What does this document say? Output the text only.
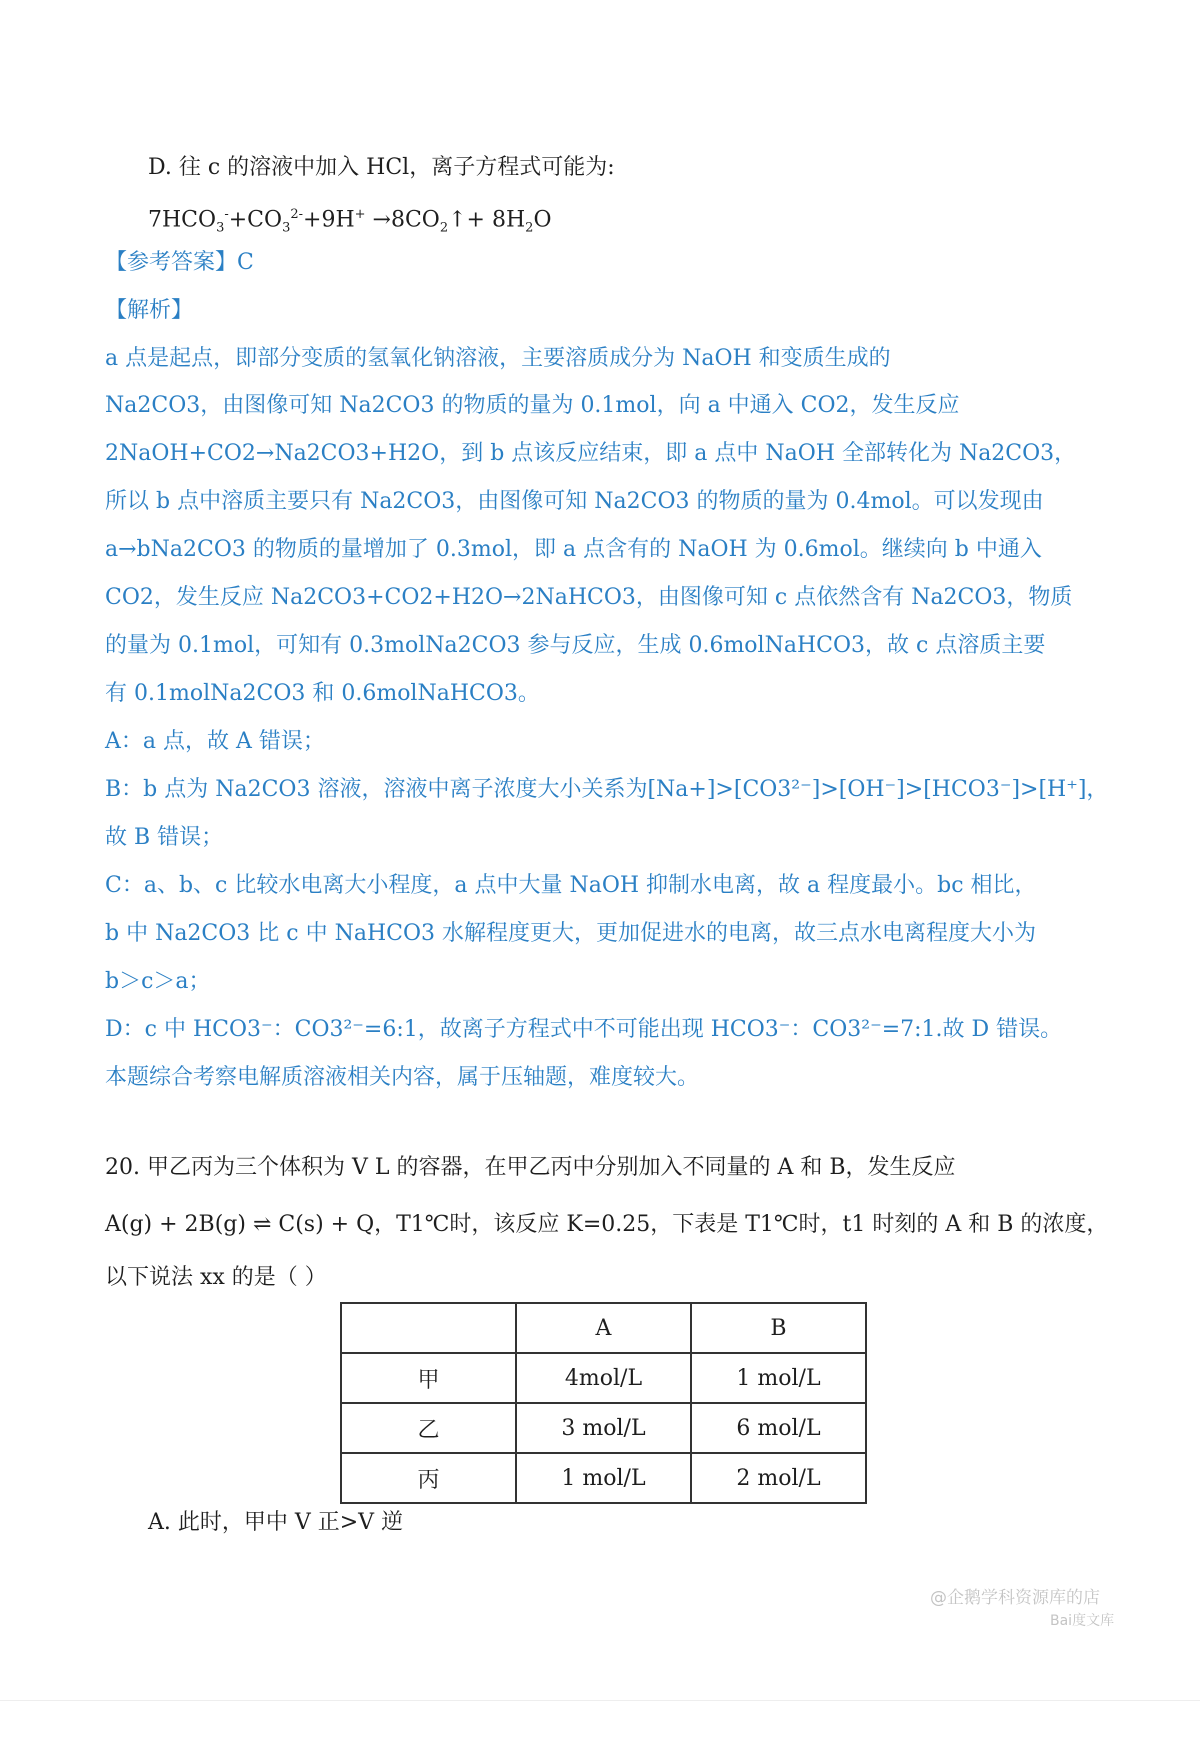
D. 往 c 的溶液中加入 HCl，离子方程式可能为:
$7HCO_3^-+CO_3^{2-}+9H^+$ $\to 8CO_2↑+ 8H_2O$
【参考答案】C
【解析】
a 点是起点，即部分变质的氢氧化钠溶液，主要溶质成分为 NaOH 和变质生成的
Na2CO3，由图像可知 Na2CO3 的物质的量为 0.1mol，向 a 中通入 CO2，发生反应
2NaOH+CO2→Na2CO3+H2O，到 b 点该反应结束，即 a 点中 NaOH 全部转化为 Na2CO3，
所以 b 点中溶质主要只有 Na2CO3，由图像可知 Na2CO3 的物质的量为 0.4mol。可以发现由
a→bNa2CO3 的物质的量增加了 0.3mol，即 a 点含有的 NaOH 为 0.6mol。继续向 b 中通入
CO2，发生反应 Na2CO3+CO2+H2O→2NaHCO3，由图像可知 c 点依然含有 Na2CO3，物质
的量为 0.1mol，可知有 0.3molNa2CO3 参与反应，生成 0.6molNaHCO3，故 c 点溶质主要
有 0.1molNa2CO3 和 0.6molNaHCO3。
A：a 点，故 A 错误；
B：b 点为 Na2CO3 溶液，溶液中离子浓度大小关系为[Na+]>[CO3²⁻]>[OH⁻]>[HCO3⁻]>[H⁺]，
故 B 错误；
C：a、b、c 比较水电离大小程度，a 点中大量 NaOH 抑制水电离，故 a 程度最小。bc 相比，
b 中 Na2CO3 比 c 中 NaHCO3 水解程度更大，更加促进水的电离，故三点水电离程度大小为
b＞c＞a；
D：c 中 HCO3⁻：CO3²⁻=6:1，故离子方程式中不可能出现 HCO3⁻：CO3²⁻=7:1.故 D 错误。
本题综合考察电解质溶液相关内容，属于压轴题，难度较大。
20. 甲乙丙为三个体积为 V L 的容器，在甲乙丙中分别加入不同量的 A 和 B，发生反应
A(g) + 2B(g) ⇌ C(s) + Q，T1℃时，该反应 K=0.25，下表是 T1℃时，t1 时刻的 A 和 B 的浓度，
以下说法 xx 的是（ ）
	A	B
甲	4mol/L	1 mol/L
乙	3 mol/L	6 mol/L
丙	1 mol/L	2 mol/L
A. 此时，甲中 V 正>V 逆
@企鹅学科资源库的店
Bai度文库
